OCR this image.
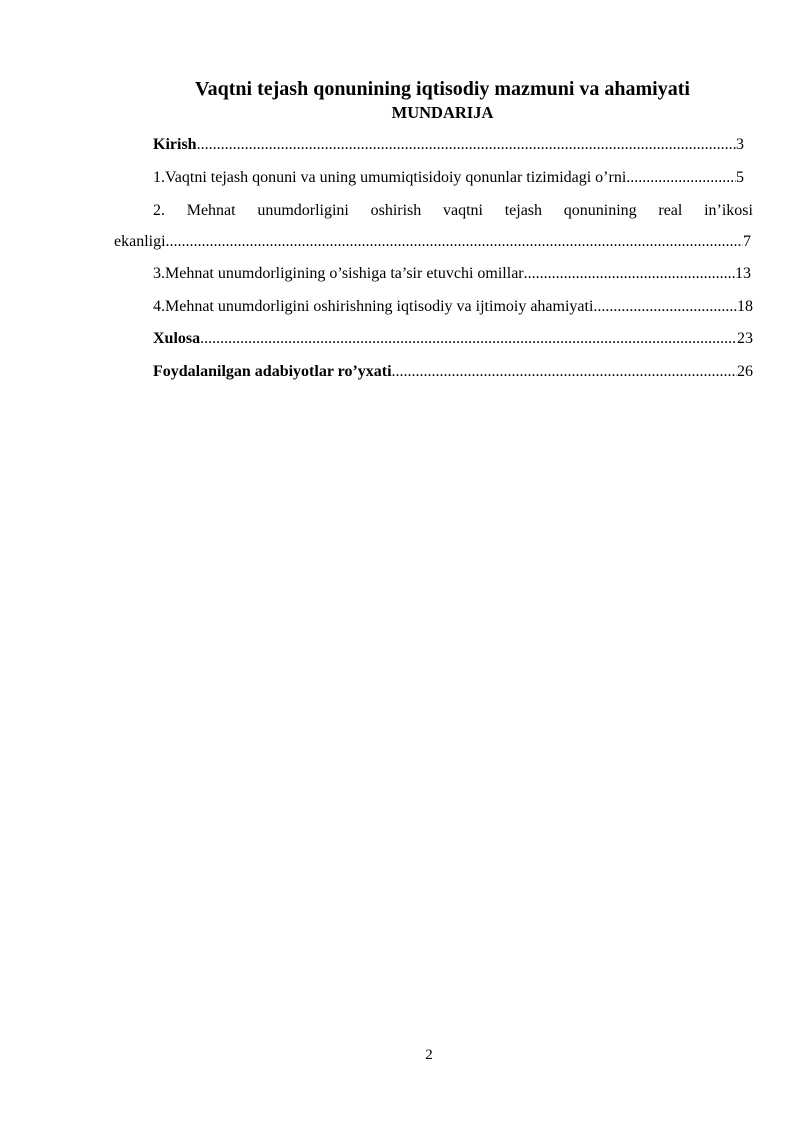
Vaqtni tejash qonunining iqtisodiy mazmuni va ahamiyati
MUNDARIJA
Kirish .....	3
1.Vaqtni tejash qonuni va uning umumiqtisidoiy qonunlar tizimidagi o’rni .....	5
2. Mehnat unumdorligini oshirish vaqtni tejash qonunining real in’ikosi
ekanligi .....	7
3.Mehnat unumdorligining o’sishiga ta’sir etuvchi omillar .....	13
4.Mehnat unumdorligini oshirishning iqtisodiy va ijtimoiy ahamiyati .....	18
Xulosa .....	23
Foydalanilgan adabiyotlar ro’yxati .....	26
2
